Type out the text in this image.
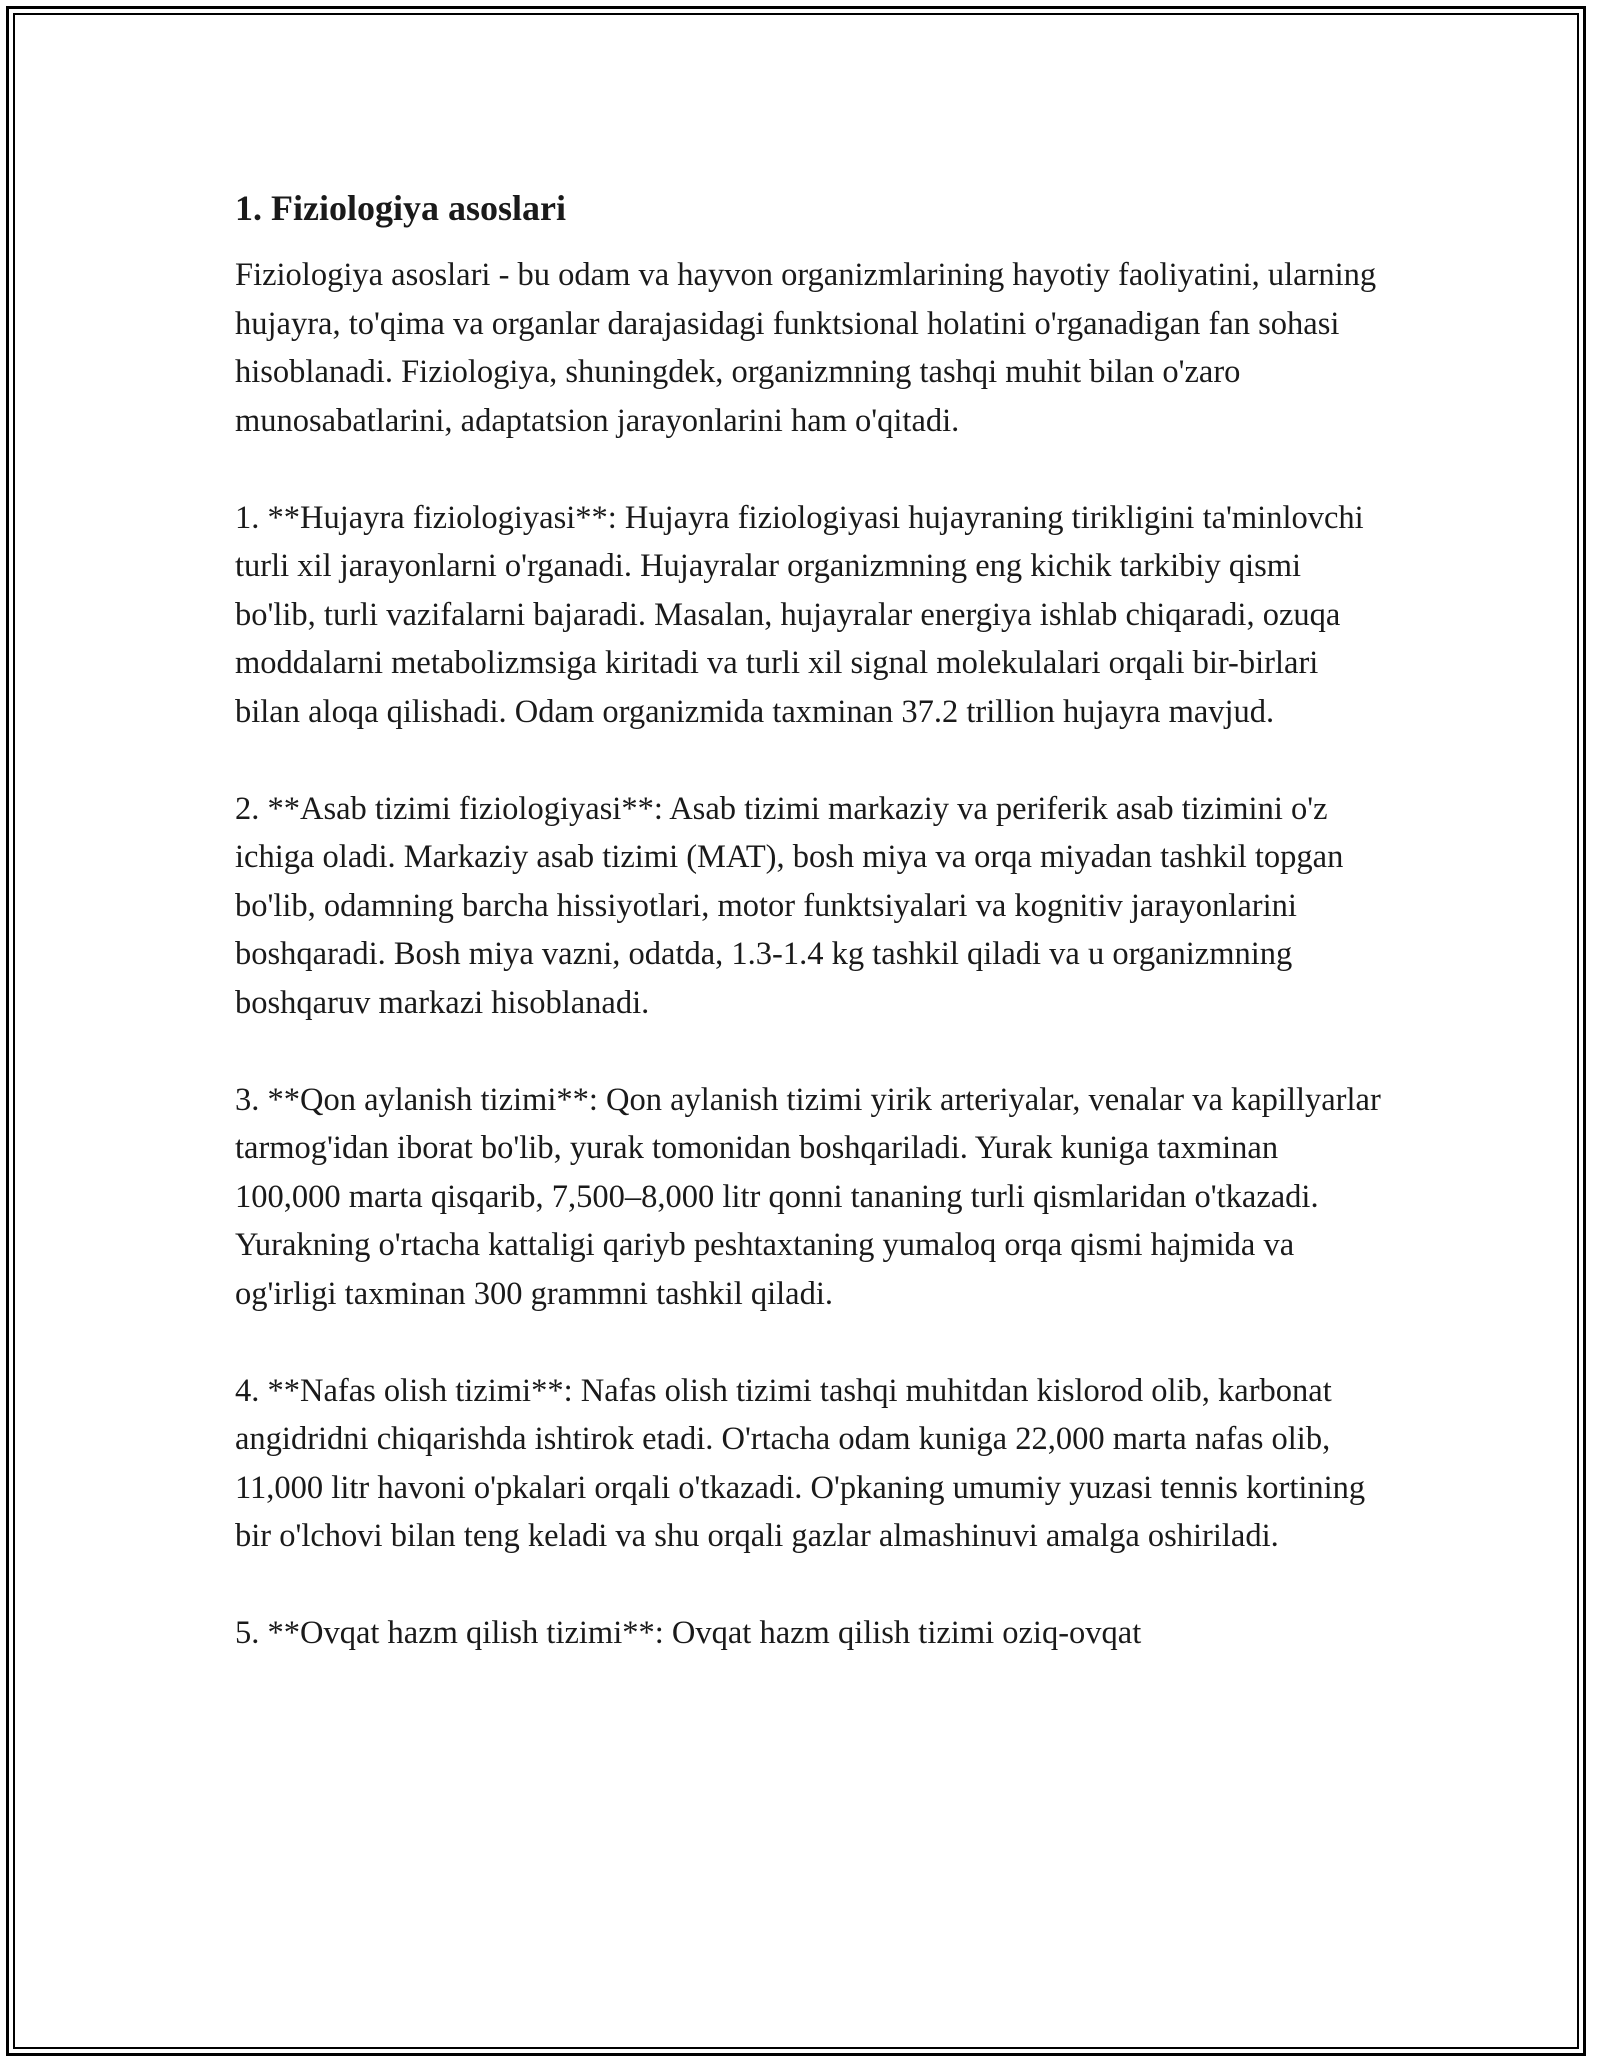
1. Fiziologiya asoslari

Fiziologiya asoslari - bu odam va hayvon organizmlarining hayotiy faoliyatini, ularning hujayra, to'qima va organlar darajasidagi funktsional holatini o'rganadigan fan sohasi hisoblanadi. Fiziologiya, shuningdek, organizmning tashqi muhit bilan o'zaro munosabatlarini, adaptatsion jarayonlarini ham o'qitadi.

1. **Hujayra fiziologiyasi**: Hujayra fiziologiyasi hujayraning tirikligini ta'minlovchi turli xil jarayonlarni o'rganadi. Hujayralar organizmning eng kichik tarkibiy qismi bo'lib, turli vazifalarni bajaradi. Masalan, hujayralar energiya ishlab chiqaradi, ozuqa moddalarni metabolizmsiga kiritadi va turli xil signal molekulalari orqali bir-birlari bilan aloqa qilishadi. Odam organizmida taxminan 37.2 trillion hujayra mavjud.

2. **Asab tizimi fiziologiyasi**: Asab tizimi markaziy va periferik asab tizimini o'z ichiga oladi. Markaziy asab tizimi (MAT), bosh miya va orqa miyadan tashkil topgan bo'lib, odamning barcha hissiyotlari, motor funktsiyalari va kognitiv jarayonlarini boshqaradi. Bosh miya vazni, odatda, 1.3-1.4 kg tashkil qiladi va u organizmning boshqaruv markazi hisoblanadi.

3. **Qon aylanish tizimi**: Qon aylanish tizimi yirik arteriyalar, venalar va kapillyarlar tarmog'idan iborat bo'lib, yurak tomonidan boshqariladi. Yurak kuniga taxminan 100,000 marta qisqarib, 7,500–8,000 litr qonni tananing turli qismlaridan o'tkazadi. Yurakning o'rtacha kattaligi qariyb peshtaxtaning yumaloq orqa qismi hajmida va og'irligi taxminan 300 grammni tashkil qiladi.

4. **Nafas olish tizimi**: Nafas olish tizimi tashqi muhitdan kislorod olib, karbonat angidridni chiqarishda ishtirok etadi. O'rtacha odam kuniga 22,000 marta nafas olib, 11,000 litr havoni o'pkalari orqali o'tkazadi. O'pkaning umumiy yuzasi tennis kortining bir o'lchovi bilan teng keladi va shu orqali gazlar almashinuvi amalga oshiriladi.

5. **Ovqat hazm qilish tizimi**: Ovqat hazm qilish tizimi oziq-ovqat
